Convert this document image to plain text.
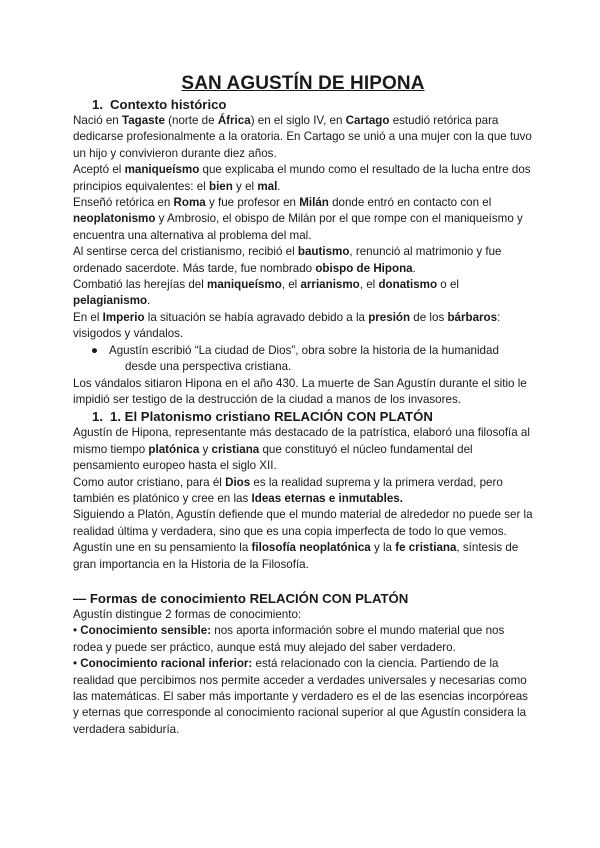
SAN AGUSTÍN DE HIPONA
1. Contexto histórico

Nació en Tagaste (norte de África) en el siglo IV, en Cartago estudió retórica para dedicarse profesionalmente a la oratoria. En Cartago se unió a una mujer con la que tuvo un hijo y convivieron durante diez años.

Aceptó el maniqueísmo que explicaba el mundo como el resultado de la lucha entre dos principios equivalentes: el bien y el mal.

Enseñó retórica en Roma y fue profesor en Milán donde entró en contacto con el neoplatonismo y Ambrosio, el obispo de Milán por el que rompe con el maniqueísmo y encuentra una alternativa al problema del mal.

Al sentirse cerca del cristianismo, recibió el bautismo, renunció al matrimonio y fue ordenado sacerdote. Más tarde, fue nombrado obispo de Hipona.

Combatió las herejías del maniqueísmo, el arrianismo, el donatismo o el pelagianismo.

En el Imperio la situación se había agravado debido a la presión de los bárbaros: visigodos y vándalos.

● Agustín escribió “La ciudad de Dios”, obra sobre la historia de la humanidad

desde una perspectiva cristiana.

Los vándalos sitiaron Hipona en el año 430. La muerte de San Agustín durante el sitio le impidió ser testigo de la destrucción de la ciudad a manos de los invasores.

1. 1. El Platonismo cristiano RELACIÓN CON PLATÓN

Agustín de Hipona, representante más destacado de la patrística, elaboró una filosofía al mismo tiempo platónica y cristiana que constituyó el núcleo fundamental del pensamiento europeo hasta el siglo XII.

Como autor cristiano, para él Dios es la realidad suprema y la primera verdad, pero también es platónico y cree en las Ideas eternas e inmutables.

Siguiendo a Platón, Agustín defiende que el mundo material de alrededor no puede ser la realidad última y verdadera, sino que es una copia imperfecta de todo lo que vemos.

Agustín une en su pensamiento la filosofía neoplatónica y la fe cristiana, síntesis de gran importancia en la Historia de la Filosofía.

— Formas de conocimiento RELACIÓN CON PLATÓN

Agustín distingue 2 formas de conocimiento:

• Conocimiento sensible: nos aporta información sobre el mundo material que nos rodea y puede ser práctico, aunque está muy alejado del saber verdadero.

• Conocimiento racional inferior: está relacionado con la ciencia. Partiendo de la realidad que percibimos nos permite acceder a verdades universales y necesarias como las matemáticas. El saber más importante y verdadero es el de las esencias incorpóreas y eternas que corresponde al conocimiento racional superior al que Agustín considera la verdadera sabiduría.
